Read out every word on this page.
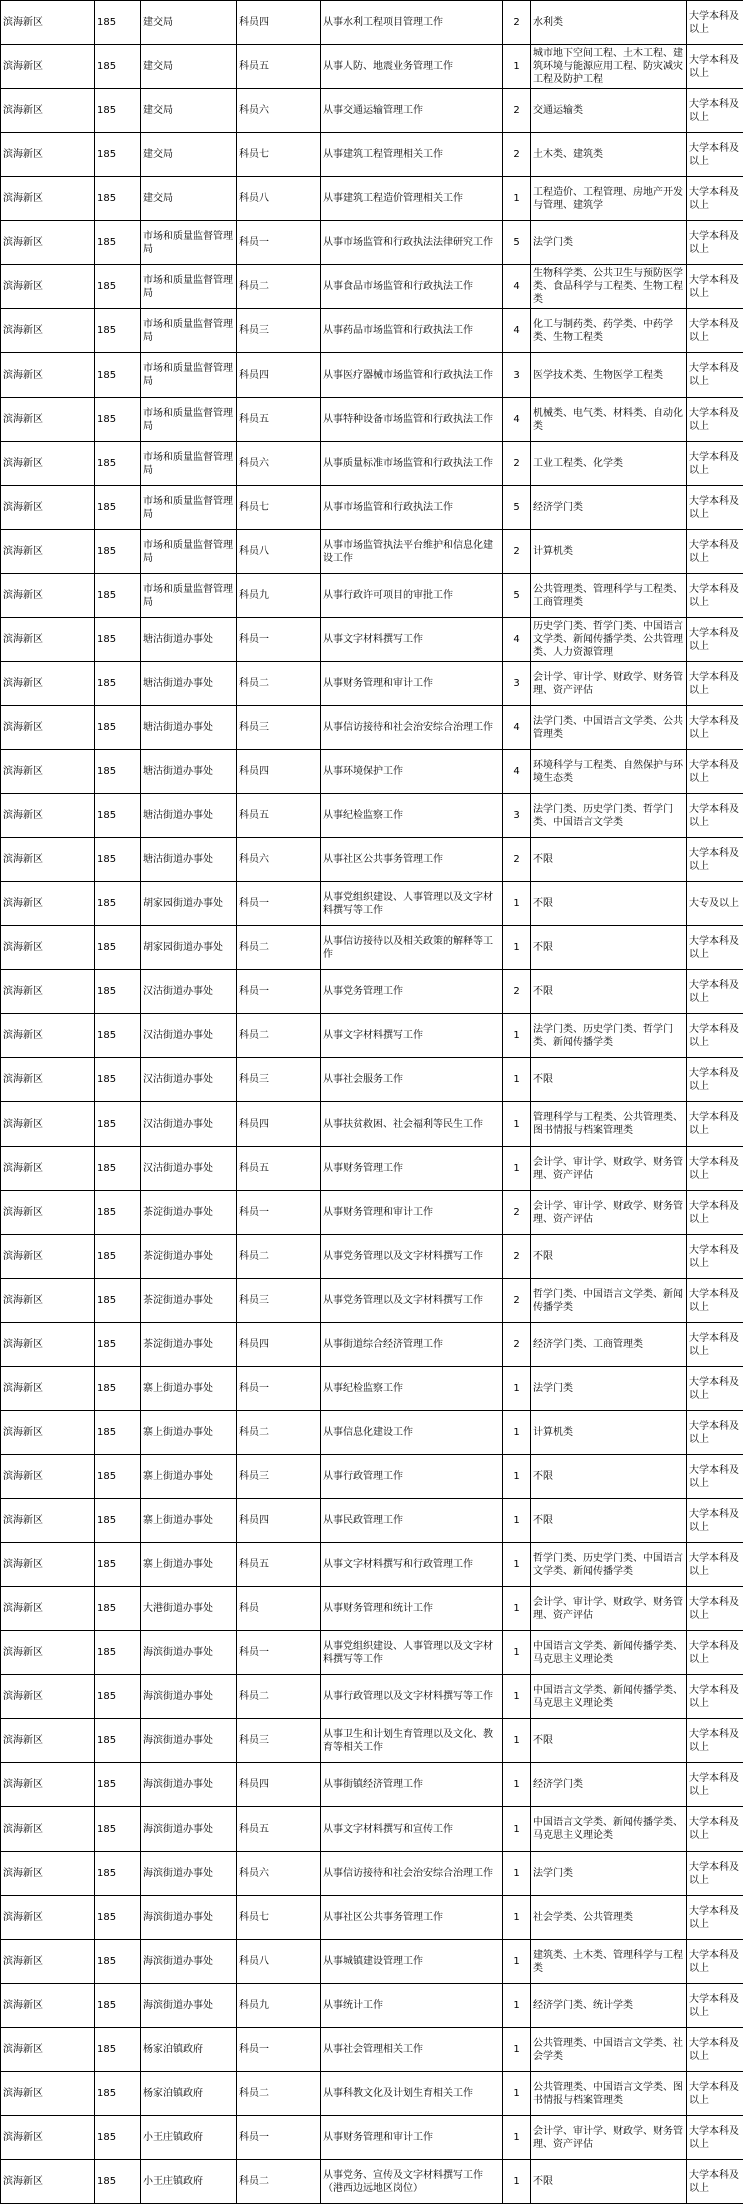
滨海新区	185	建交局	科员四	从事水利工程项目管理工作	2	水利类	大学本科及以上
滨海新区	185	建交局	科员五	从事人防、地震业务管理工作	1	城市地下空间工程、土木工程、建筑环境与能源应用工程、防灾减灾工程及防护工程	大学本科及以上
滨海新区	185	建交局	科员六	从事交通运输管理工作	2	交通运输类	大学本科及以上
滨海新区	185	建交局	科员七	从事建筑工程管理相关工作	2	土木类、建筑类	大学本科及以上
滨海新区	185	建交局	科员八	从事建筑工程造价管理相关工作	1	工程造价、工程管理、房地产开发与管理、建筑学	大学本科及以上
滨海新区	185	市场和质量监督管理局	科员一	从事市场监管和行政执法法律研究工作	5	法学门类	大学本科及以上
滨海新区	185	市场和质量监督管理局	科员二	从事食品市场监管和行政执法工作	4	生物科学类、公共卫生与预防医学类、食品科学与工程类、生物工程类	大学本科及以上
滨海新区	185	市场和质量监督管理局	科员三	从事药品市场监管和行政执法工作	4	化工与制药类、药学类、中药学类、生物工程类	大学本科及以上
滨海新区	185	市场和质量监督管理局	科员四	从事医疗器械市场监管和行政执法工作	3	医学技术类、生物医学工程类	大学本科及以上
滨海新区	185	市场和质量监督管理局	科员五	从事特种设备市场监管和行政执法工作	4	机械类、电气类、材料类、自动化类	大学本科及以上
滨海新区	185	市场和质量监督管理局	科员六	从事质量标准市场监管和行政执法工作	2	工业工程类、化学类	大学本科及以上
滨海新区	185	市场和质量监督管理局	科员七	从事市场监管和行政执法工作	5	经济学门类	大学本科及以上
滨海新区	185	市场和质量监督管理局	科员八	从事市场监管执法平台维护和信息化建设工作	2	计算机类	大学本科及以上
滨海新区	185	市场和质量监督管理局	科员九	从事行政许可项目的审批工作	5	公共管理类、管理科学与工程类、工商管理类	大学本科及以上
滨海新区	185	塘沽街道办事处	科员一	从事文字材料撰写工作	4	历史学门类、哲学门类、中国语言文学类、新闻传播学类、公共管理类、人力资源管理	大学本科及以上
滨海新区	185	塘沽街道办事处	科员二	从事财务管理和审计工作	3	会计学、审计学、财政学、财务管理、资产评估	大学本科及以上
滨海新区	185	塘沽街道办事处	科员三	从事信访接待和社会治安综合治理工作	4	法学门类、中国语言文学类、公共管理类	大学本科及以上
滨海新区	185	塘沽街道办事处	科员四	从事环境保护工作	4	环境科学与工程类、自然保护与环境生态类	大学本科及以上
滨海新区	185	塘沽街道办事处	科员五	从事纪检监察工作	3	法学门类、历史学门类、哲学门类、中国语言文学类	大学本科及以上
滨海新区	185	塘沽街道办事处	科员六	从事社区公共事务管理工作	2	不限	大学本科及以上
滨海新区	185	胡家园街道办事处	科员一	从事党组织建设、人事管理以及文字材料撰写等工作	1	不限	大专及以上
滨海新区	185	胡家园街道办事处	科员二	从事信访接待以及相关政策的解释等工作	1	不限	大学本科及以上
滨海新区	185	汉沽街道办事处	科员一	从事党务管理工作	2	不限	大学本科及以上
滨海新区	185	汉沽街道办事处	科员二	从事文字材料撰写工作	1	法学门类、历史学门类、哲学门类、新闻传播学类	大学本科及以上
滨海新区	185	汉沽街道办事处	科员三	从事社会服务工作	1	不限	大学本科及以上
滨海新区	185	汉沽街道办事处	科员四	从事扶贫救困、社会福利等民生工作	1	管理科学与工程类、公共管理类、图书情报与档案管理类	大学本科及以上
滨海新区	185	汉沽街道办事处	科员五	从事财务管理工作	1	会计学、审计学、财政学、财务管理、资产评估	大学本科及以上
滨海新区	185	茶淀街道办事处	科员一	从事财务管理和审计工作	2	会计学、审计学、财政学、财务管理、资产评估	大学本科及以上
滨海新区	185	茶淀街道办事处	科员二	从事党务管理以及文字材料撰写工作	2	不限	大学本科及以上
滨海新区	185	茶淀街道办事处	科员三	从事党务管理以及文字材料撰写工作	2	哲学门类、中国语言文学类、新闻传播学类	大学本科及以上
滨海新区	185	茶淀街道办事处	科员四	从事街道综合经济管理工作	2	经济学门类、工商管理类	大学本科及以上
滨海新区	185	寨上街道办事处	科员一	从事纪检监察工作	1	法学门类	大学本科及以上
滨海新区	185	寨上街道办事处	科员二	从事信息化建设工作	1	计算机类	大学本科及以上
滨海新区	185	寨上街道办事处	科员三	从事行政管理工作	1	不限	大学本科及以上
滨海新区	185	寨上街道办事处	科员四	从事民政管理工作	1	不限	大学本科及以上
滨海新区	185	寨上街道办事处	科员五	从事文字材料撰写和行政管理工作	1	哲学门类、历史学门类、中国语言文学类、新闻传播学类	大学本科及以上
滨海新区	185	大港街道办事处	科员	从事财务管理和统计工作	1	会计学、审计学、财政学、财务管理、资产评估	大学本科及以上
滨海新区	185	海滨街道办事处	科员一	从事党组织建设、人事管理以及文字材料撰写等工作	1	中国语言文学类、新闻传播学类、马克思主义理论类	大学本科及以上
滨海新区	185	海滨街道办事处	科员二	从事行政管理以及文字材料撰写等工作	1	中国语言文学类、新闻传播学类、马克思主义理论类	大学本科及以上
滨海新区	185	海滨街道办事处	科员三	从事卫生和计划生育管理以及文化、教育等相关工作	1	不限	大学本科及以上
滨海新区	185	海滨街道办事处	科员四	从事街镇经济管理工作	1	经济学门类	大学本科及以上
滨海新区	185	海滨街道办事处	科员五	从事文字材料撰写和宣传工作	1	中国语言文学类、新闻传播学类、马克思主义理论类	大学本科及以上
滨海新区	185	海滨街道办事处	科员六	从事信访接待和社会治安综合治理工作	1	法学门类	大学本科及以上
滨海新区	185	海滨街道办事处	科员七	从事社区公共事务管理工作	1	社会学类、公共管理类	大学本科及以上
滨海新区	185	海滨街道办事处	科员八	从事城镇建设管理工作	1	建筑类、土木类、管理科学与工程类	大学本科及以上
滨海新区	185	海滨街道办事处	科员九	从事统计工作	1	经济学门类、统计学类	大学本科及以上
滨海新区	185	杨家泊镇政府	科员一	从事社会管理相关工作	1	公共管理类、中国语言文学类、社会学类	大学本科及以上
滨海新区	185	杨家泊镇政府	科员二	从事科教文化及计划生育相关工作	1	公共管理类、中国语言文学类、图书情报与档案管理类	大学本科及以上
滨海新区	185	小王庄镇政府	科员一	从事财务管理和审计工作	1	会计学、审计学、财政学、财务管理、资产评估	大学本科及以上
滨海新区	185	小王庄镇政府	科员二	从事党务、宣传及文字材料撰写工作（港西边远地区岗位）	1	不限	大学本科及以上
